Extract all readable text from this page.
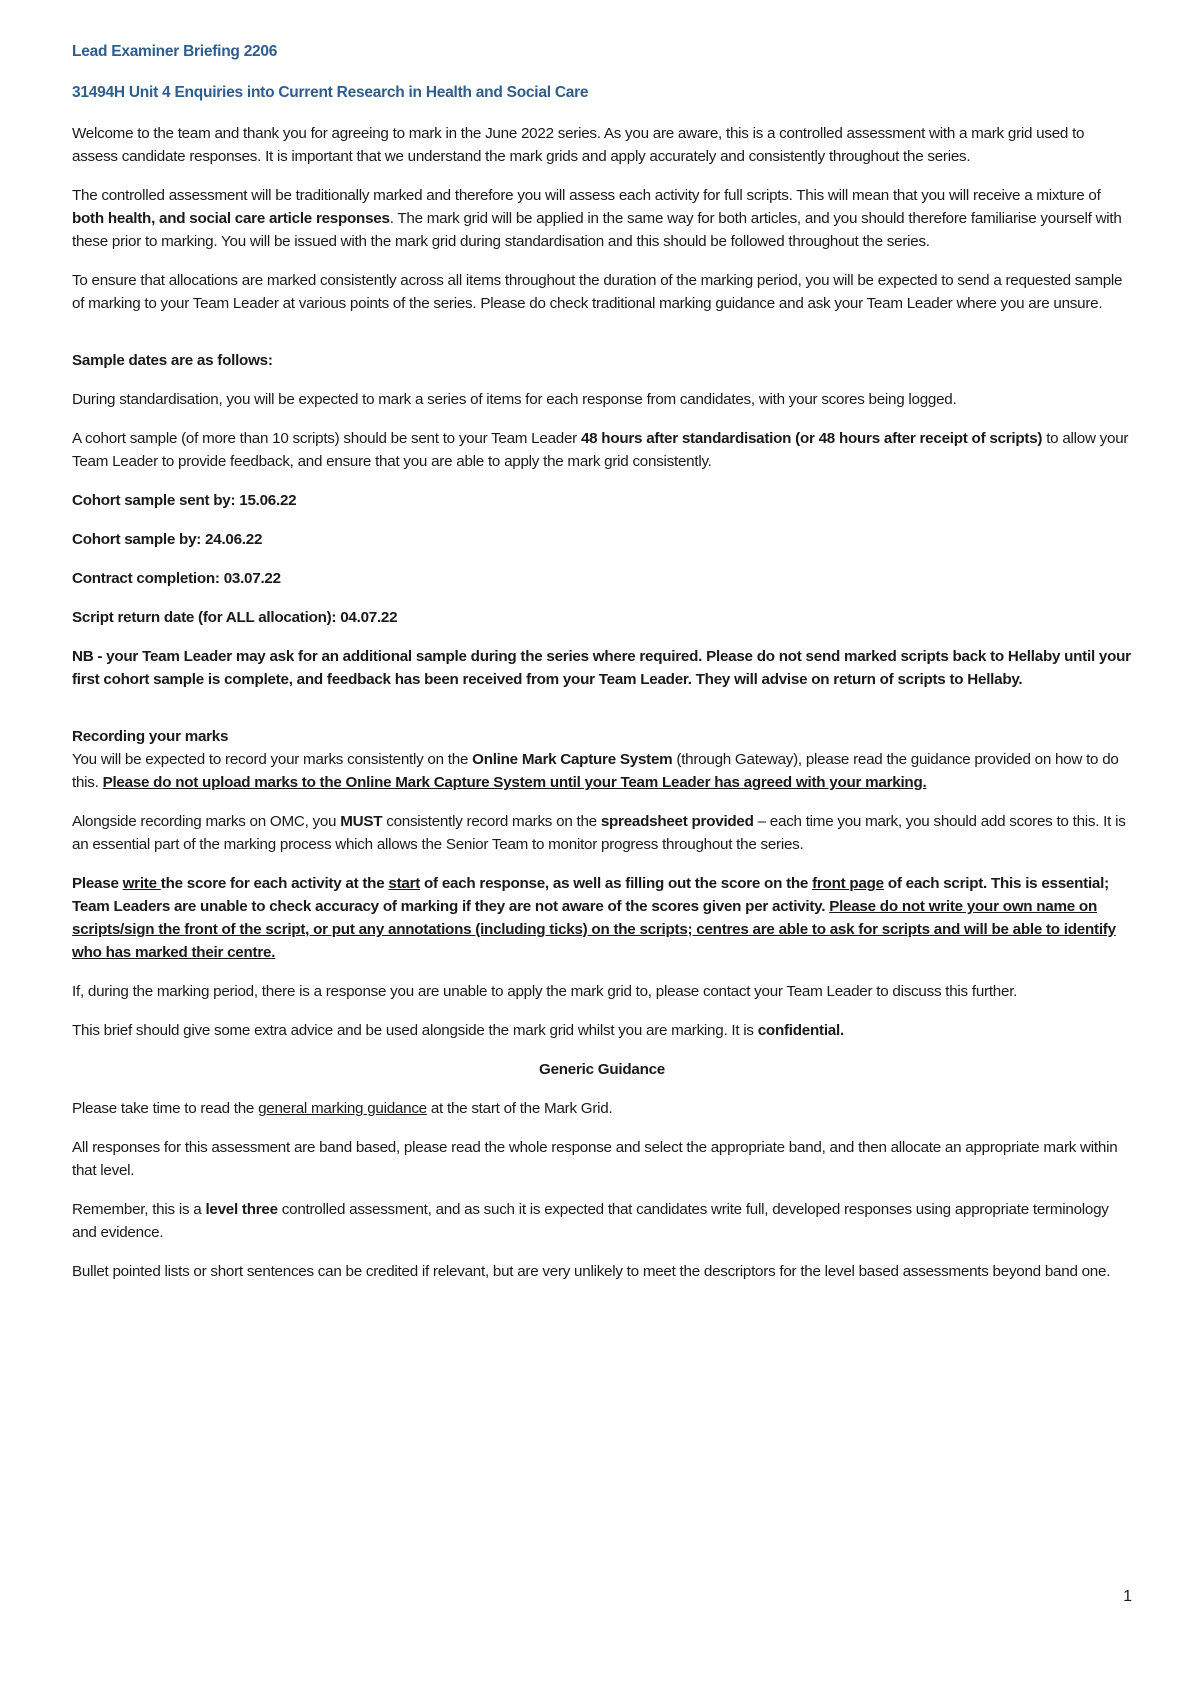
Lead Examiner Briefing 2206
31494H Unit 4 Enquiries into Current Research in Health and Social Care

Welcome to the team and thank you for agreeing to mark in the June 2022 series. As you are aware, this is a controlled assessment with a mark grid used to assess candidate responses. It is important that we understand the mark grids and apply accurately and consistently throughout the series.

The controlled assessment will be traditionally marked and therefore you will assess each activity for full scripts. This will mean that you will receive a mixture of both health, and social care article responses. The mark grid will be applied in the same way for both articles, and you should therefore familiarise yourself with these prior to marking. You will be issued with the mark grid during standardisation and this should be followed throughout the series.

To ensure that allocations are marked consistently across all items throughout the duration of the marking period, you will be expected to send a requested sample of marking to your Team Leader at various points of the series. Please do check traditional marking guidance and ask your Team Leader where you are unsure.

Sample dates are as follows:

During standardisation, you will be expected to mark a series of items for each response from candidates, with your scores being logged.

A cohort sample (of more than 10 scripts) should be sent to your Team Leader 48 hours after standardisation (or 48 hours after receipt of scripts) to allow your Team Leader to provide feedback, and ensure that you are able to apply the mark grid consistently.

Cohort sample sent by: 15.06.22

Cohort sample by: 24.06.22

Contract completion: 03.07.22

Script return date (for ALL allocation): 04.07.22

NB - your Team Leader may ask for an additional sample during the series where required. Please do not send marked scripts back to Hellaby until your first cohort sample is complete, and feedback has been received from your Team Leader. They will advise on return of scripts to Hellaby.

Recording your marks

You will be expected to record your marks consistently on the Online Mark Capture System (through Gateway), please read the guidance provided on how to do this. Please do not upload marks to the Online Mark Capture System until your Team Leader has agreed with your marking.

Alongside recording marks on OMC, you MUST consistently record marks on the spreadsheet provided – each time you mark, you should add scores to this. It is an essential part of the marking process which allows the Senior Team to monitor progress throughout the series.

Please write the score for each activity at the start of each response, as well as filling out the score on the front page of each script. This is essential; Team Leaders are unable to check accuracy of marking if they are not aware of the scores given per activity. Please do not write your own name on scripts/sign the front of the script, or put any annotations (including ticks) on the scripts; centres are able to ask for scripts and will be able to identify who has marked their centre.

If, during the marking period, there is a response you are unable to apply the mark grid to, please contact your Team Leader to discuss this further.

This brief should give some extra advice and be used alongside the mark grid whilst you are marking. It is confidential.

Generic Guidance

Please take time to read the general marking guidance at the start of the Mark Grid.

All responses for this assessment are band based, please read the whole response and select the appropriate band, and then allocate an appropriate mark within that level.

Remember, this is a level three controlled assessment, and as such it is expected that candidates write full, developed responses using appropriate terminology and evidence.

Bullet pointed lists or short sentences can be credited if relevant, but are very unlikely to meet the descriptors for the level based assessments beyond band one.

1
